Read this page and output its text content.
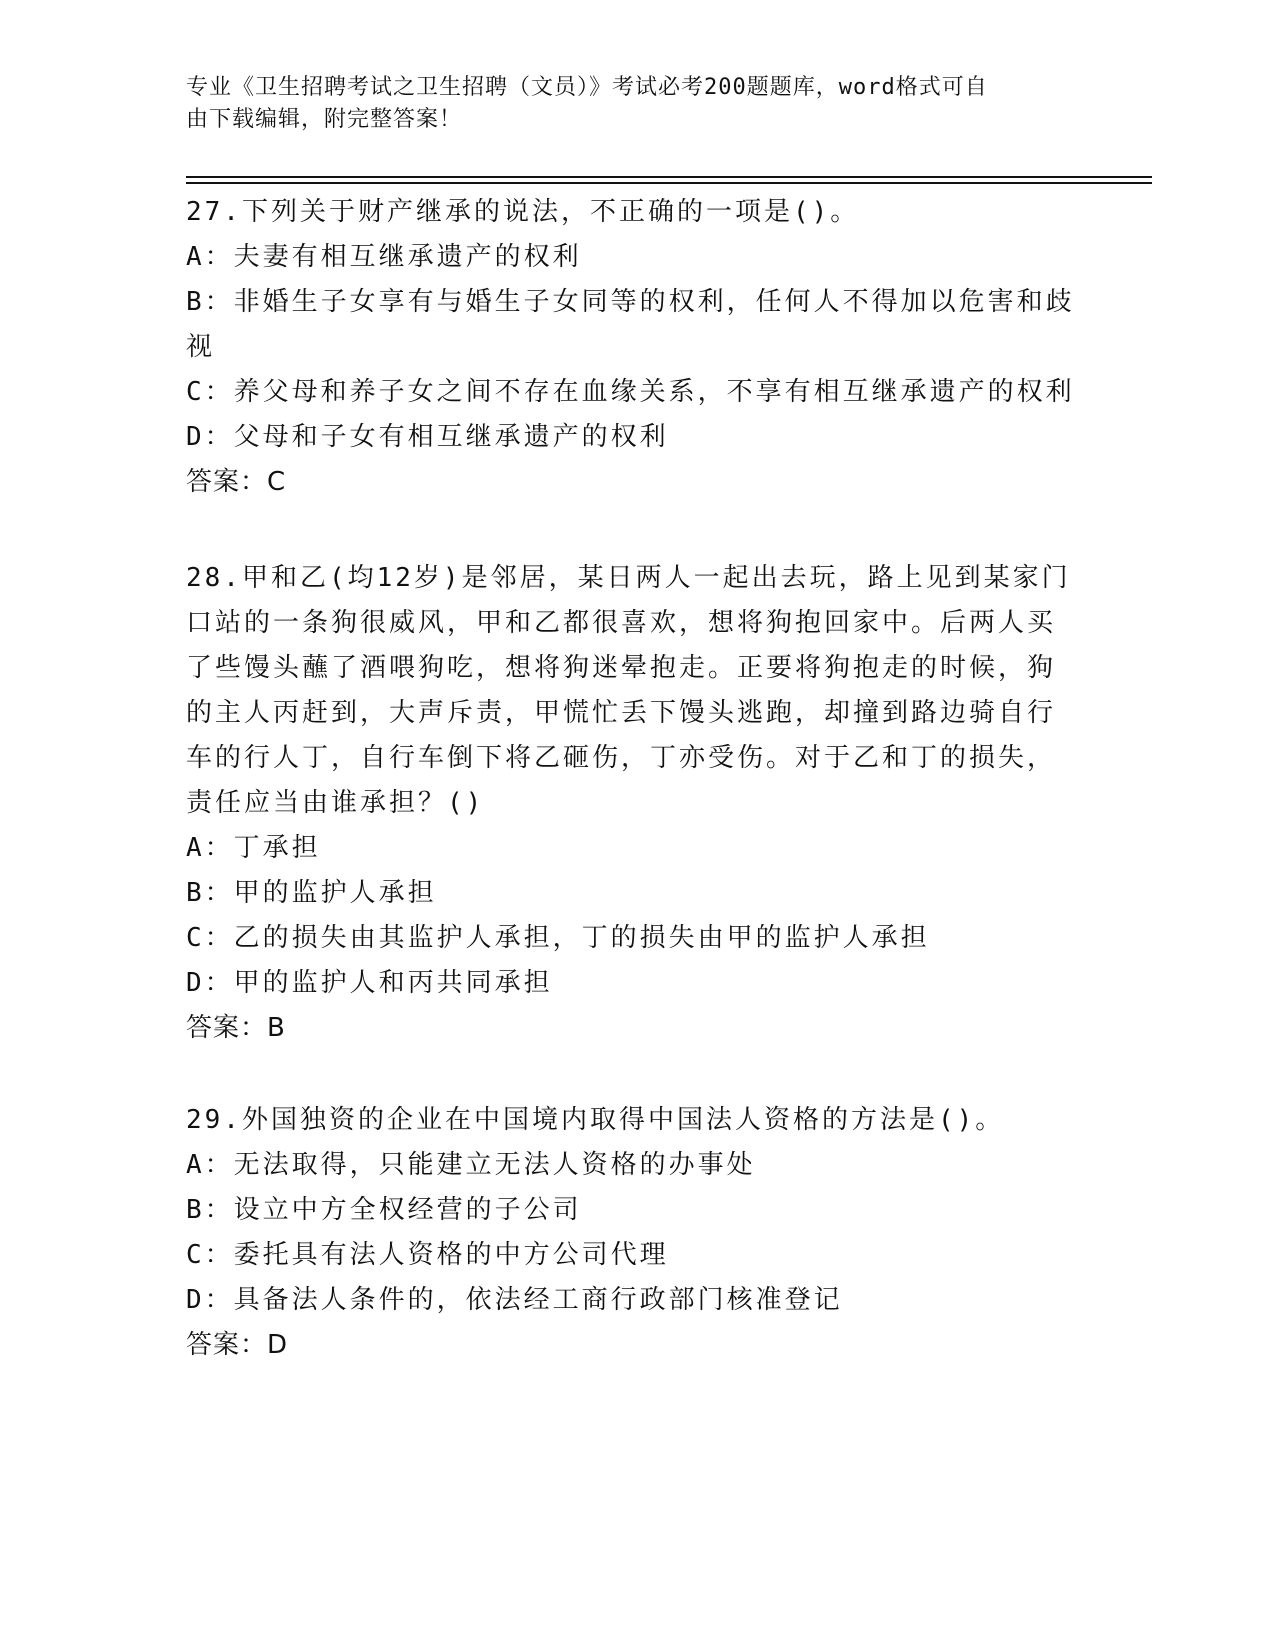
专业《卫生招聘考试之卫生招聘（文员）》考试必考200题题库，word格式可自
由下载编辑，附完整答案！
27.下列关于财产继承的说法，不正确的一项是()。
A：夫妻有相互继承遗产的权利
B：非婚生子女享有与婚生子女同等的权利，任何人不得加以危害和歧
视
C：养父母和养子女之间不存在血缘关系，不享有相互继承遗产的权利
D：父母和子女有相互继承遗产的权利
答案：C
28.甲和乙(均12岁)是邻居，某日两人一起出去玩，路上见到某家门
口站的一条狗很威风，甲和乙都很喜欢，想将狗抱回家中。后两人买
了些馒头蘸了酒喂狗吃，想将狗迷晕抱走。正要将狗抱走的时候，狗
的主人丙赶到，大声斥责，甲慌忙丢下馒头逃跑，却撞到路边骑自行
车的行人丁，自行车倒下将乙砸伤，丁亦受伤。对于乙和丁的损失，
责任应当由谁承担？()
A：丁承担
B：甲的监护人承担
C：乙的损失由其监护人承担，丁的损失由甲的监护人承担
D：甲的监护人和丙共同承担
答案：B
29.外国独资的企业在中国境内取得中国法人资格的方法是()。
A：无法取得，只能建立无法人资格的办事处
B：设立中方全权经营的子公司
C：委托具有法人资格的中方公司代理
D：具备法人条件的，依法经工商行政部门核准登记
答案：D
